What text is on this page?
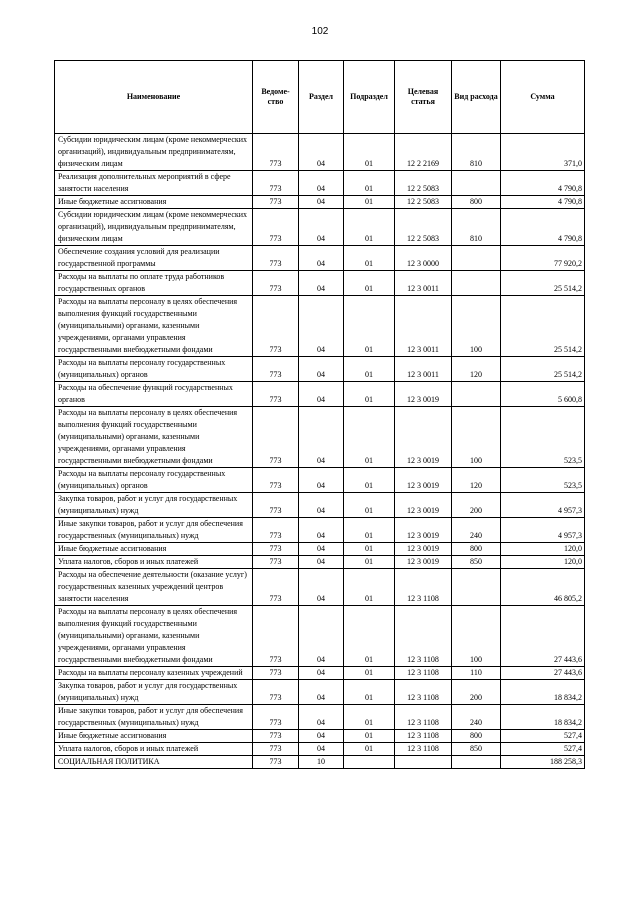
102
Наименование	Ведоме-ство	Раздел	Подраздел	Целевая статья	Вид расхода	Сумма
Субсидии юридическим лицам (кроме некоммерческих организаций), индивидуальным предпринимателям, физическим лицам	773	04	01	12 2 2169	810	371,0
Реализация дополнительных мероприятий в сфере занятости населения	773	04	01	12 2 5083		4 790,8
Иные бюджетные ассигнования	773	04	01	12 2 5083	800	4 790,8
Субсидии юридическим лицам (кроме некоммерческих организаций), индивидуальным предпринимателям, физическим лицам	773	04	01	12 2 5083	810	4 790,8
Обеспечение создания условий для реализации государственной программы	773	04	01	12 3 0000		77 920,2
Расходы на выплаты по оплате труда работников государственных органов	773	04	01	12 3 0011		25 514,2
Расходы на выплаты персоналу в целях обеспечения выполнения функций государственными (муниципальными) органами, казенными учреждениями, органами управления государственными внебюджетными фондами	773	04	01	12 3 0011	100	25 514,2
Расходы на выплаты персоналу государственных (муниципальных) органов	773	04	01	12 3 0011	120	25 514,2
Расходы на обеспечение функций государственных органов	773	04	01	12 3 0019		5 600,8
Расходы на выплаты персоналу в целях обеспечения выполнения функций государственными (муниципальными) органами, казенными учреждениями, органами управления государственными внебюджетными фондами	773	04	01	12 3 0019	100	523,5
Расходы на выплаты персоналу государственных (муниципальных) органов	773	04	01	12 3 0019	120	523,5
Закупка товаров, работ и услуг для государственных (муниципальных) нужд	773	04	01	12 3 0019	200	4 957,3
Иные закупки товаров, работ и услуг для обеспечения государственных (муниципальных) нужд	773	04	01	12 3 0019	240	4 957,3
Иные бюджетные ассигнования	773	04	01	12 3 0019	800	120,0
Уплата налогов, сборов и иных платежей	773	04	01	12 3 0019	850	120,0
Расходы на обеспечение деятельности (оказание услуг) государственных казенных учреждений центров занятости населения	773	04	01	12 3 1108		46 805,2
Расходы на выплаты персоналу в целях обеспечения выполнения функций государственными (муниципальными) органами, казенными учреждениями, органами управления государственными внебюджетными фондами	773	04	01	12 3 1108	100	27 443,6
Расходы на выплаты персоналу казенных учреждений	773	04	01	12 3 1108	110	27 443,6
Закупка товаров, работ и услуг для государственных (муниципальных) нужд	773	04	01	12 3 1108	200	18 834,2
Иные закупки товаров, работ и услуг для обеспечения государственных (муниципальных) нужд	773	04	01	12 3 1108	240	18 834,2
Иные бюджетные ассигнования	773	04	01	12 3 1108	800	527,4
Уплата налогов, сборов и иных платежей	773	04	01	12 3 1108	850	527,4
СОЦИАЛЬНАЯ ПОЛИТИКА	773	10				188 258,3
